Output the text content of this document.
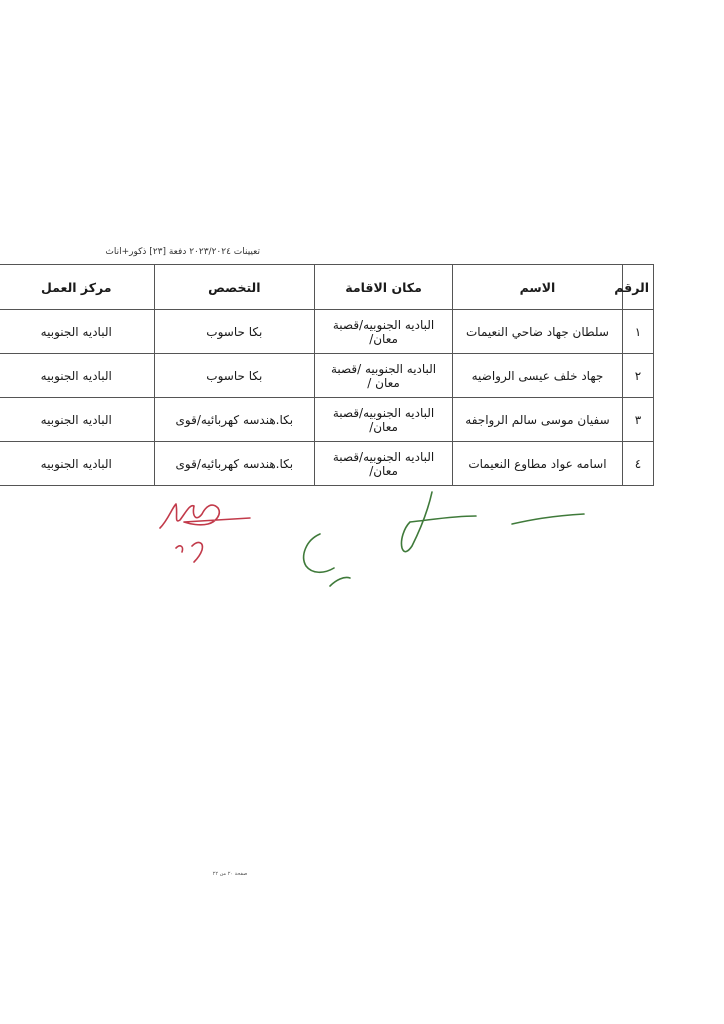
تعيينات ٢٠٢٣/٢٠٢٤ دفعة [٢٣] ذكور+اناث
الرقم	الاسم	مكان الاقامة	التخصص	مركز العمل
١	سلطان جهاد ضاحي النعيمات	الباديه الجنوبيه/قصبة معان/	بكا حاسوب	الباديه الجنوبيه
٢	جهاد خلف عيسى الرواضيه	الباديه الجنوبيه /قصبة معان /	بكا حاسوب	الباديه الجنوبيه
٣	سفيان موسى سالم الرواجفه	الباديه الجنوبيه/قصبة معان/	بكا.هندسه كهربائيه/قوى	الباديه الجنوبيه
٤	اسامه عواد مطاوع النعيمات	الباديه الجنوبيه/قصبة معان/	بكا.هندسه كهربائيه/قوى	الباديه الجنوبيه
صفحة ٢٠ من ٢٢
